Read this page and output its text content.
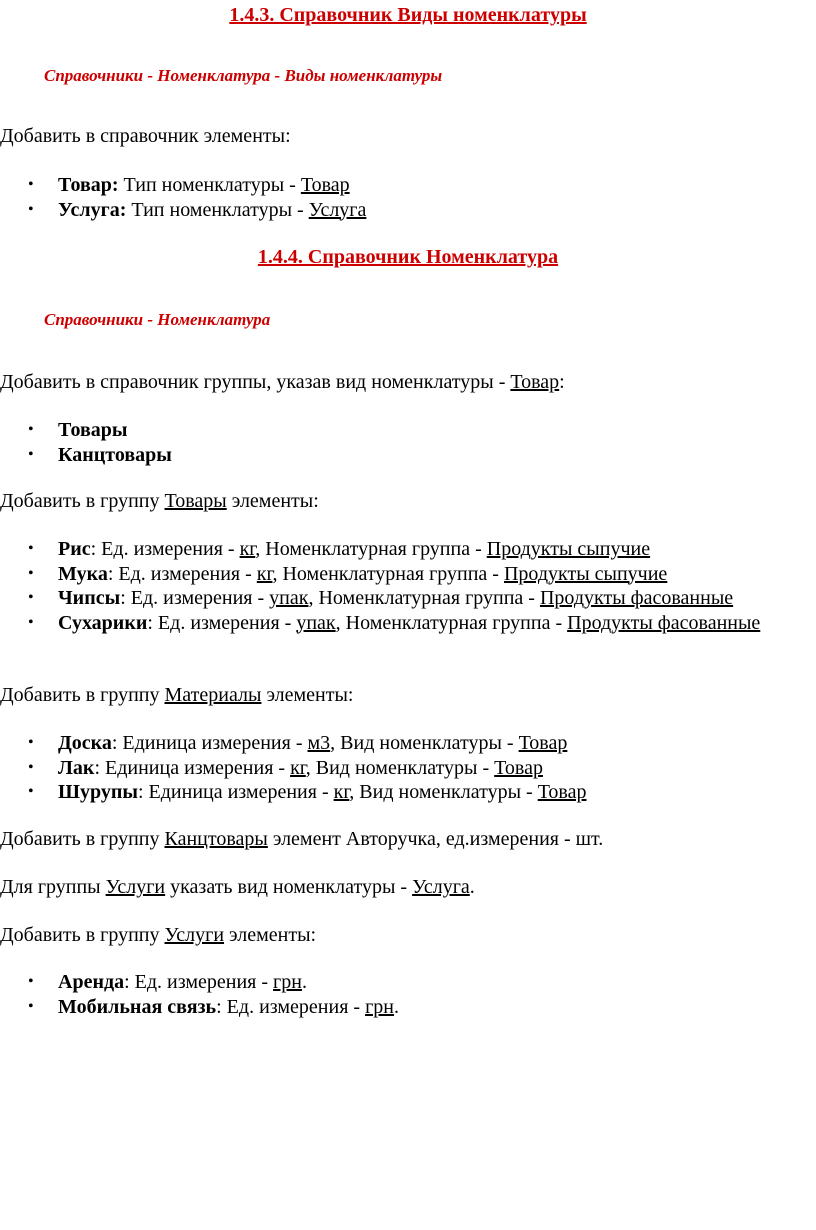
1.4.3. Справочник Виды номенклатуры

Справочники - Номенклатура - Виды номенклатуры

Добавить в справочник элементы:

• Товар: Тип номенклатуры - Товар
• Услуга: Тип номенклатуры - Услуга
1.4.4. Справочник Номенклатура

Справочники - Номенклатура

Добавить в справочник группы, указав вид номенклатуры - Товар:

• Товары
• Канцтовары

Добавить в группу Товары элементы:

• Рис: Ед. измерения - кг, Номенклатурная группа - Продукты сыпучие
• Мука: Ед. измерения - кг, Номенклатурная группа - Продукты сыпучие
• Чипсы: Ед. измерения - упак, Номенклатурная группа - Продукты фасованные
• Сухарики: Ед. измерения - упак, Номенклатурная группа - Продукты фасованные

Добавить в группу Материалы элементы:

• Доска: Единица измерения - м3, Вид номенклатуры - Товар
• Лак: Единица измерения - кг, Вид номенклатуры - Товар
• Шурупы: Единица измерения - кг, Вид номенклатуры - Товар

Добавить в группу Канцтовары элемент Авторучка, ед.измерения - шт.

Для группы Услуги указать вид номенклатуры - Услуга.

Добавить в группу Услуги элементы:

• Аренда: Ед. измерения - грн.
• Мобильная связь: Ед. измерения - грн.
